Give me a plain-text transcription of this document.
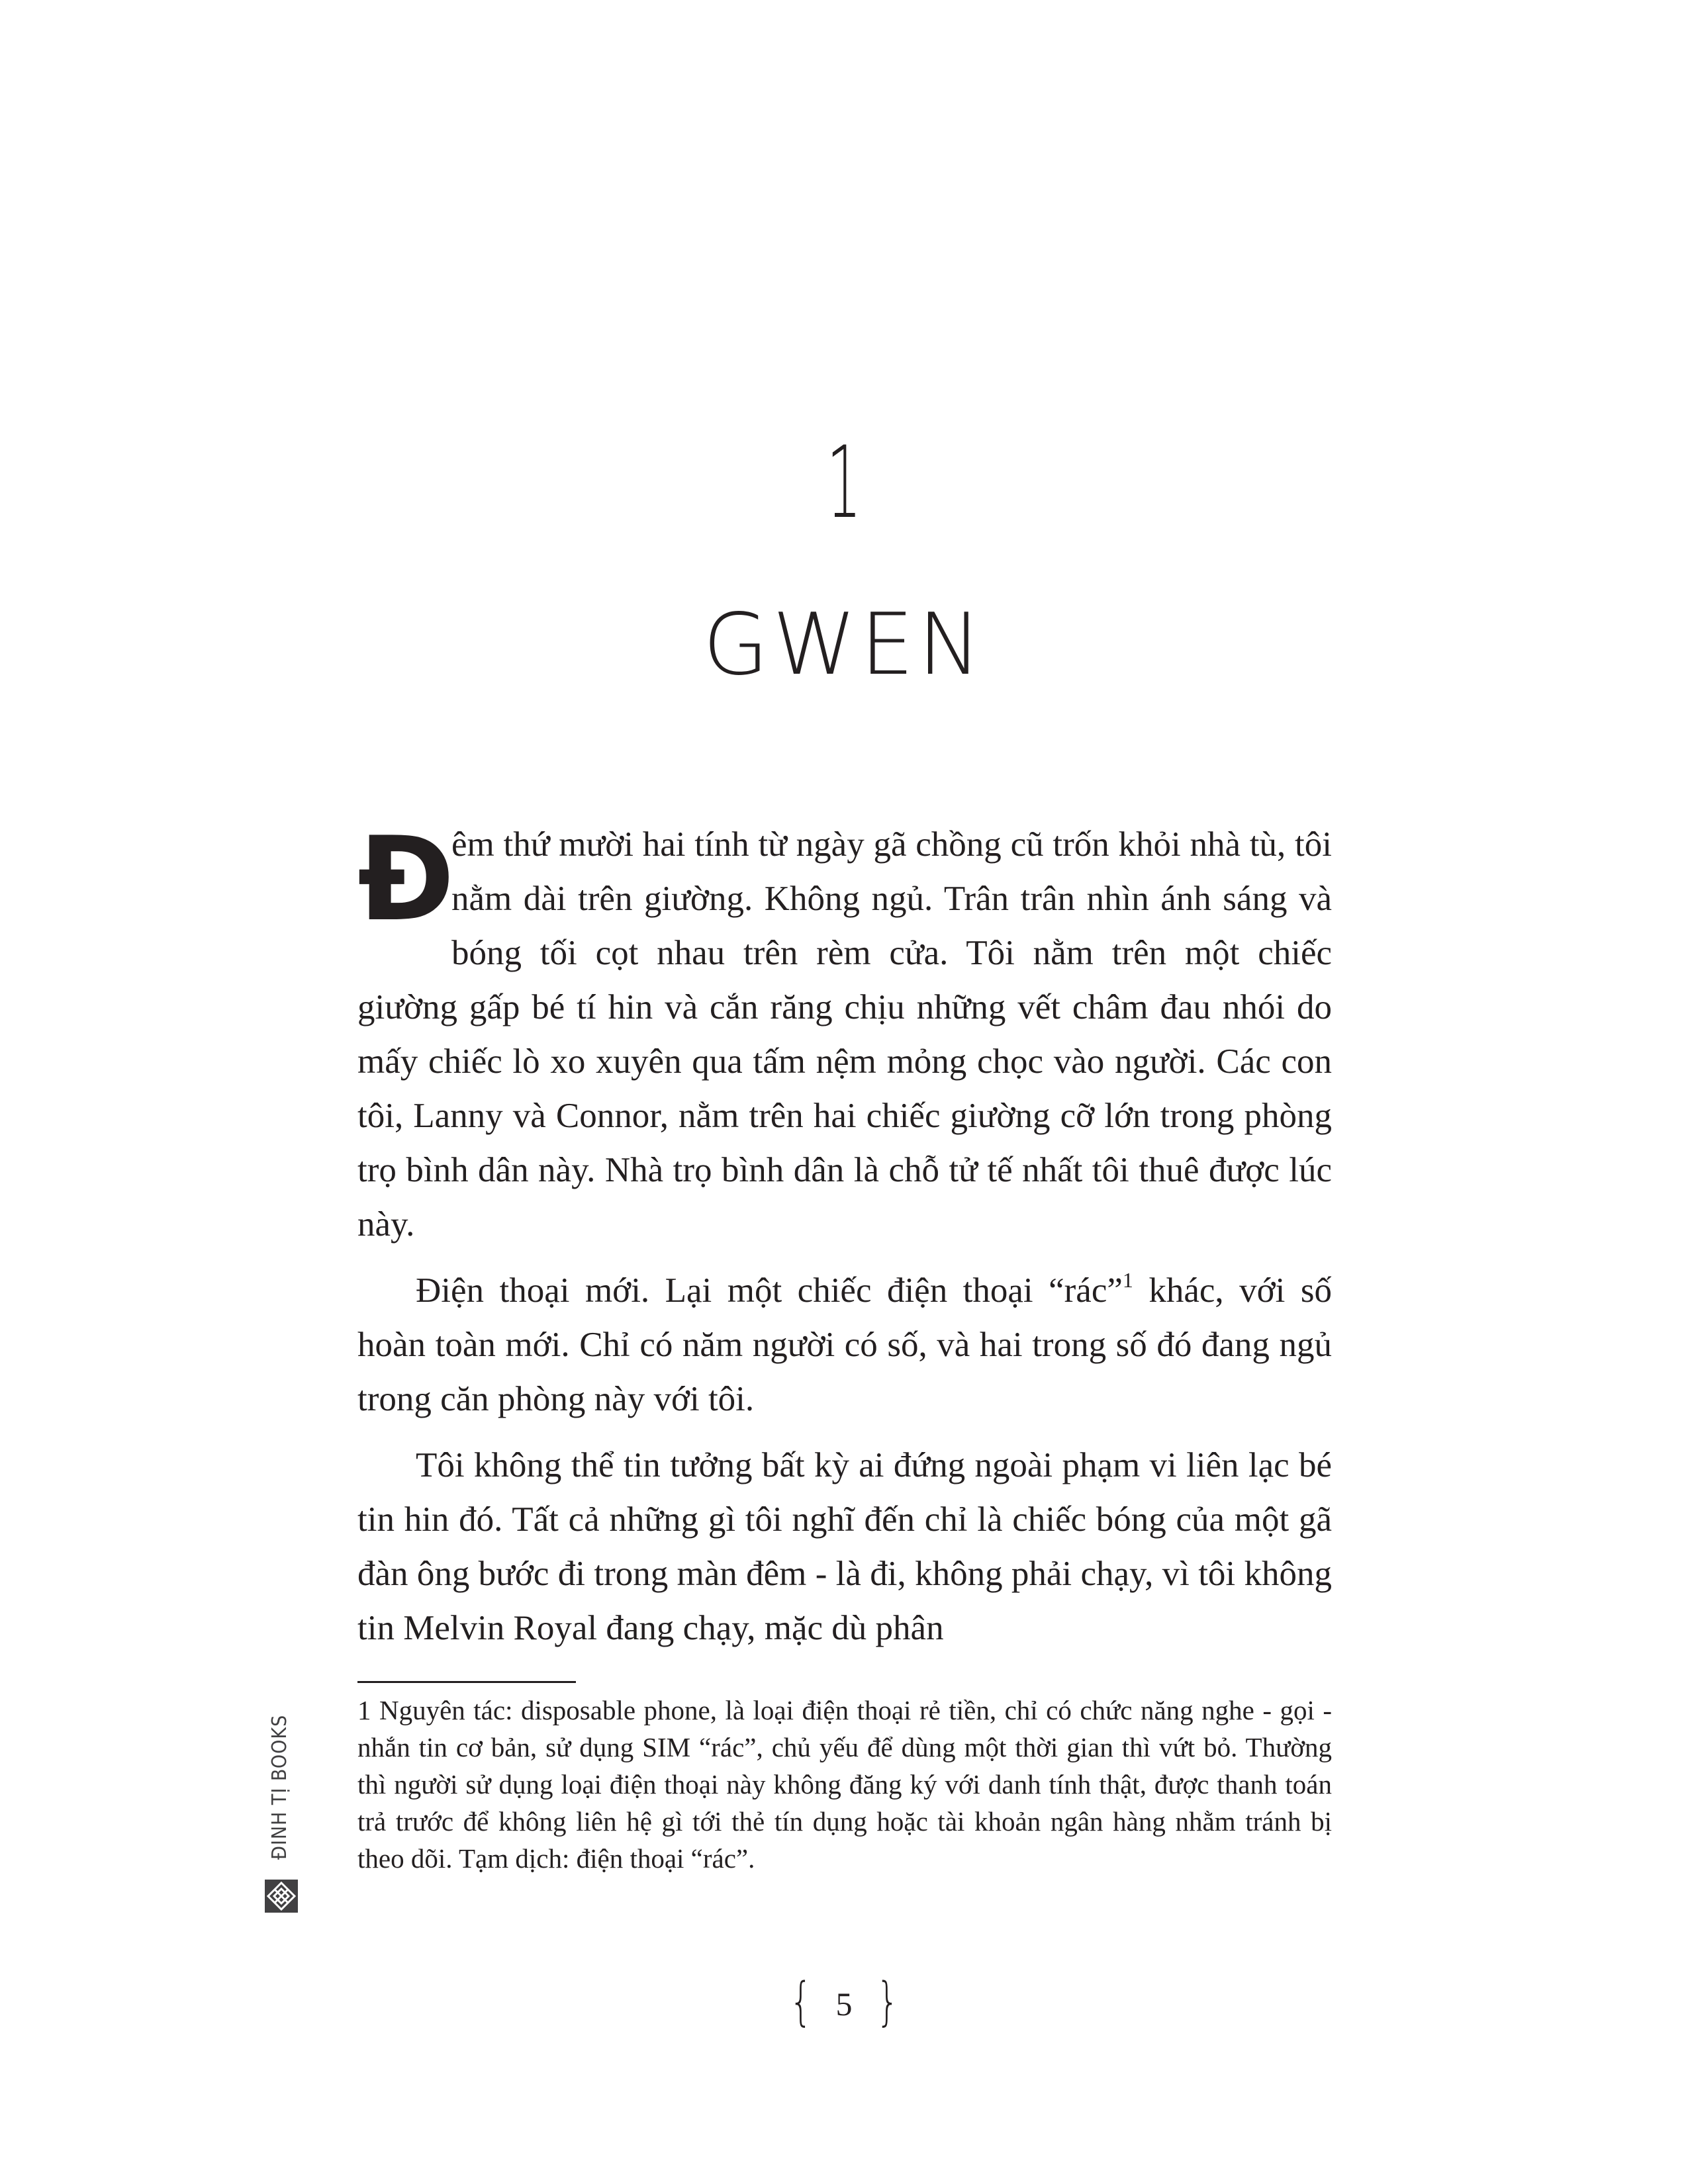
1
GWEN

Đ
êm thứ mười hai tính từ ngày gã chồng cũ trốn khỏi nhà tù, tôi nằm dài trên giường. Không ngủ. Trân trân nhìn ánh sáng và bóng tối cọt nhau trên rèm cửa. Tôi nằm trên một chiếc giường gấp bé tí hin và cắn răng chịu những vết châm đau nhói do mấy chiếc lò xo xuyên qua tấm nệm mỏng chọc vào người. Các con tôi, Lanny và Connor, nằm trên hai chiếc giường cỡ lớn trong phòng trọ bình dân này. Nhà trọ bình dân là chỗ tử tế nhất tôi thuê được lúc này.

Điện thoại mới. Lại một chiếc điện thoại “rác”$^1$ khác, với số hoàn toàn mới. Chỉ có năm người có số, và hai trong số đó đang ngủ trong căn phòng này với tôi.

Tôi không thể tin tưởng bất kỳ ai đứng ngoài phạm vi liên lạc bé tin hin đó. Tất cả những gì tôi nghĩ đến chỉ là chiếc bóng của một gã đàn ông bước đi trong màn đêm - là đi, không phải chạy, vì tôi không tin Melvin Royal đang chạy, mặc dù phân

1 Nguyên tác: disposable phone, là loại điện thoại rẻ tiền, chỉ có chức năng nghe - gọi - nhắn tin cơ bản, sử dụng SIM “rác”, chủ yếu để dùng một thời gian thì vứt bỏ. Thường thì người sử dụng loại điện thoại này không đăng ký với danh tính thật, được thanh toán trả trước để không liên hệ gì tới thẻ tín dụng hoặc tài khoản ngân hàng nhằm tránh bị theo dõi. Tạm dịch: điện thoại “rác”.
ĐINH TỊ BOOKS
{ 5 }
